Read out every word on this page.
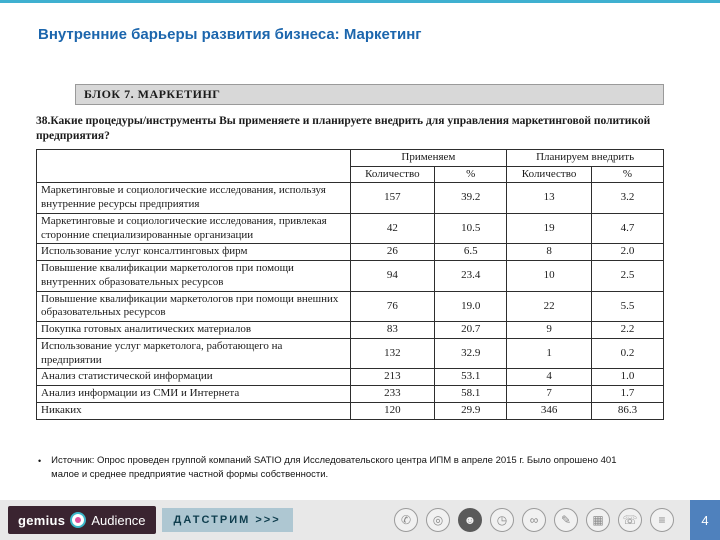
Внутренние барьеры развития бизнеса: Маркетинг
БЛОК 7. МАРКЕТИНГ
38.Какие процедуры/инструменты Вы применяете и планируете внедрить для управления маркетинговой политикой предприятия?
	Применяем		Планируем внедрить	
	Количество	%	Количество	%
Маркетинговые и социологические исследования, используя внутренние ресурсы предприятия	157	39.2	13	3.2
Маркетинговые и социологические исследования, привлекая сторонние специализированные организации	42	10.5	19	4.7
Использование услуг консалтинговых фирм	26	6.5	8	2.0
Повышение квалификации маркетологов при помощи внутренних образовательных ресурсов	94	23.4	10	2.5
Повышение квалификации маркетологов при помощи внешних образовательных ресурсов	76	19.0	22	5.5
Покупка готовых аналитических материалов	83	20.7	9	2.2
Использование услуг маркетолога, работающего на предприятии	132	32.9	1	0.2
Анализ статистической информации	213	53.1	4	1.0
Анализ информации из СМИ и Интернета	233	58.1	7	1.7
Никаких	120	29.9	346	86.3
• Источник: Опрос проведен группой компаний SATIO для Исследовательского центра ИПМ в апреле 2015 г. Было опрошено 401 малое и среднее предприятие частной формы собственности.
gemius Audience	ДАТСТРИМ >>>	✆	◎	☻	◷	∞	✎	▦	☏	≡	4
